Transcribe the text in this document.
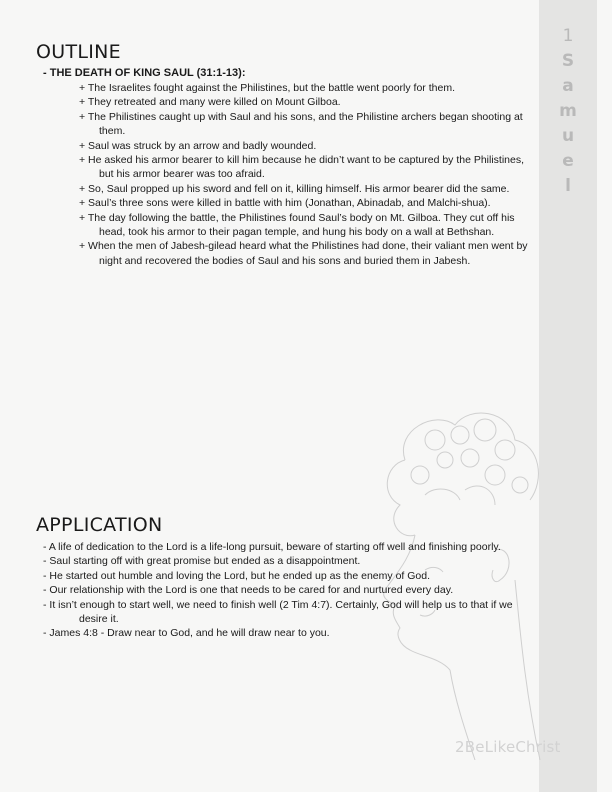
1
S
a
m
u
e
l
OUTLINE
- THE DEATH OF KING SAUL (31:1-13):
+ The Israelites fought against the Philistines, but the battle went poorly for them.
+ They retreated and many were killed on Mount Gilboa.
+ The Philistines caught up with Saul and his sons, and the Philistine archers began shooting at them.
+ Saul was struck by an arrow and badly wounded.
+ He asked his armor bearer to kill him because he didn’t want to be captured by the Philistines, but his armor bearer was too afraid.
+ So, Saul propped up his sword and fell on it, killing himself. His armor bearer did the same.
+ Saul’s three sons were killed in battle with him (Jonathan, Abinadab, and Malchi-shua).
+ The day following the battle, the Philistines found Saul’s body on Mt. Gilboa. They cut off his head, took his armor to their pagan temple, and hung his body on a wall at Bethshan.
+ When the men of Jabesh-gilead heard what the Philistines had done, their valiant men went by night and recovered the bodies of Saul and his sons and buried them in Jabesh.
APPLICATION
- A life of dedication to the Lord is a life-long pursuit, beware of starting off well and finishing poorly.
- Saul starting off with great promise but ended as a disappointment.
- He started out humble and loving the Lord, but he ended up as the enemy of God.
- Our relationship with the Lord is one that needs to be cared for and nurtured every day.
- It isn’t enough to start well, we need to finish well (2 Tim 4:7). Certainly, God will help us to that if we desire it.
- James 4:8 - Draw near to God, and he will draw near to you.
2BeLikeChrist
